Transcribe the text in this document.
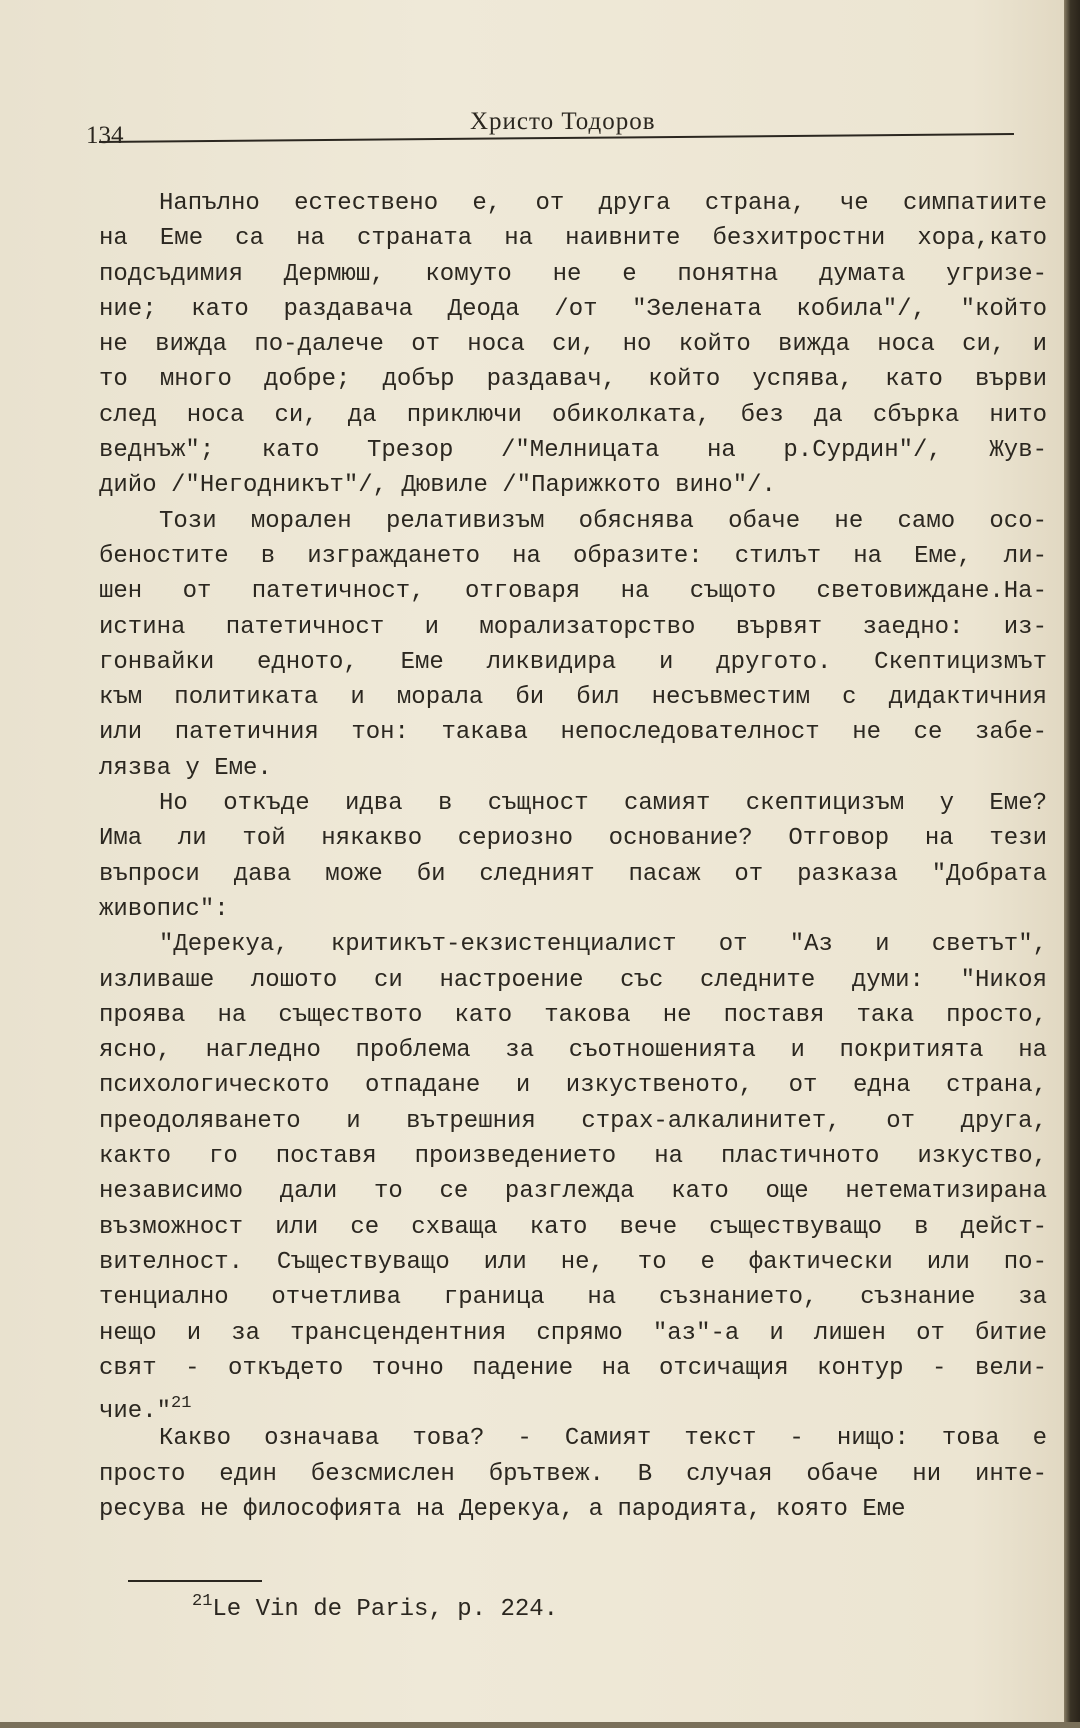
134
Христо Тодоров
Напълно естествено е, от друга страна, че симпатиите
на Еме са на страната на наивните безхитростни хора,като
подсъдимия Дермюш, комуто не е понятна думата угризе-
ние; като раздавача Деода /от "Зелената кобила"/, "който
не вижда по-далече от носа си, но който вижда носа си, и
то много добре; добър раздавач, който успява, като върви
след носа си, да приключи обиколката, без да сбърка нито
веднъж"; като Трезор /"Мелницата на р.Сурдин"/, Жув-
дийо /"Негодникът"/, Дювиле /"Парижкото вино"/.
Този морален релативизъм обяснява обаче не само осо-
беностите в изграждането на образите: стилът на Еме, ли-
шен от патетичност, отговаря на същото световиждане.На-
истина патетичност и морализаторство вървят заедно: из-
гонвайки едното, Еме ликвидира и другото. Скептицизмът
към политиката и морала би бил несъвместим с дидактичния
или патетичния тон: такава непоследователност не се забе-
лязва у Еме.
Но откъде идва в същност самият скептицизъм у Еме?
Има ли той някакво сериозно основание? Отговор на тези
въпроси дава може би следният пасаж от разказа "Добрата
живопис":
"Дерекуа, критикът-екзистенциалист от "Аз и светът",
изливаше лошото си настроение със следните думи: "Никоя
проява на съществото като такова не поставя така просто,
ясно, нагледно проблема за съотношенията и покритията на
психологическото отпадане и изкуственото, от една страна,
преодоляването и вътрешния страх-алкалинитет, от друга,
както го поставя произведението на пластичното изкуство,
независимо дали то се разглежда като още нетематизирана
възможност или се схваща като вече съществуващо в дейст-
вителност. Съществуващо или не, то е фактически или по-
тенциално отчетлива граница на съзнанието, съзнание за
нещо и за трансцендентния спрямо "аз"-а и лишен от битие
свят - откъдето точно падение на отсичащия контур - вели-
чие."$^{21}$
Какво означава това? - Самият текст - нищо: това е
просто един безсмислен брътвеж. В случая обаче ни инте-
ресува не философията на Дерекуа, а пародията, която Еме
$^{21}$Le Vin de Paris, p. 224.
